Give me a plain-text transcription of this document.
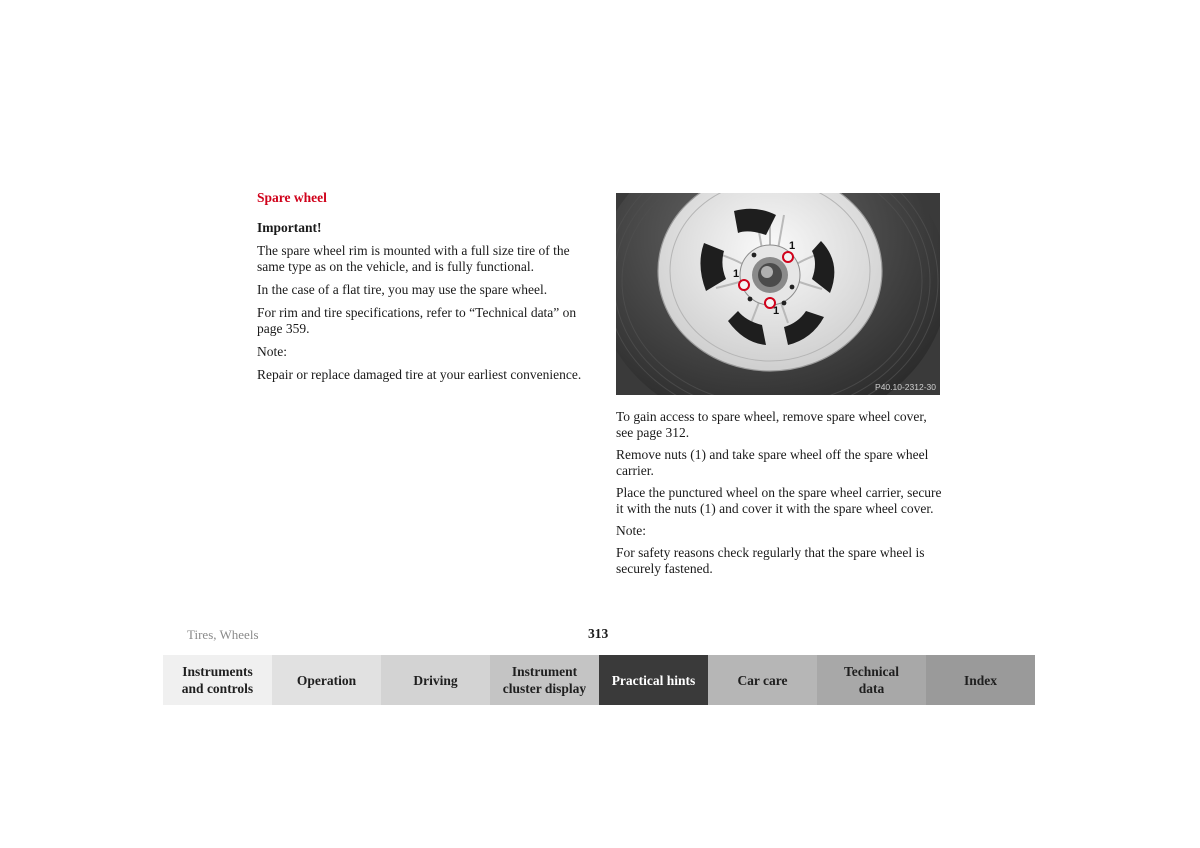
Spare wheel
Important!

The spare wheel rim is mounted with a full size tire of the same type as on the vehicle, and is fully functional.

In the case of a flat tire, you may use the spare wheel.

For rim and tire specifications, refer to “Technical data” on page 359.

Note:

Repair or replace damaged tire at your earliest convenience.

1
1
1
P40.10-2312-30

To gain access to spare wheel, remove spare wheel cover, see page 312.

Remove nuts (1) and take spare wheel off the spare wheel carrier.

Place the punctured wheel on the spare wheel carrier, secure it with the nuts (1) and cover it with the spare wheel cover.

Note:

For safety reasons check regularly that the spare wheel is securely fastened.

Tires, Wheels	313
Instruments
and controls
Operation	Driving
Instrument
cluster display
Practical hints	Car care
Technical
data
Index
